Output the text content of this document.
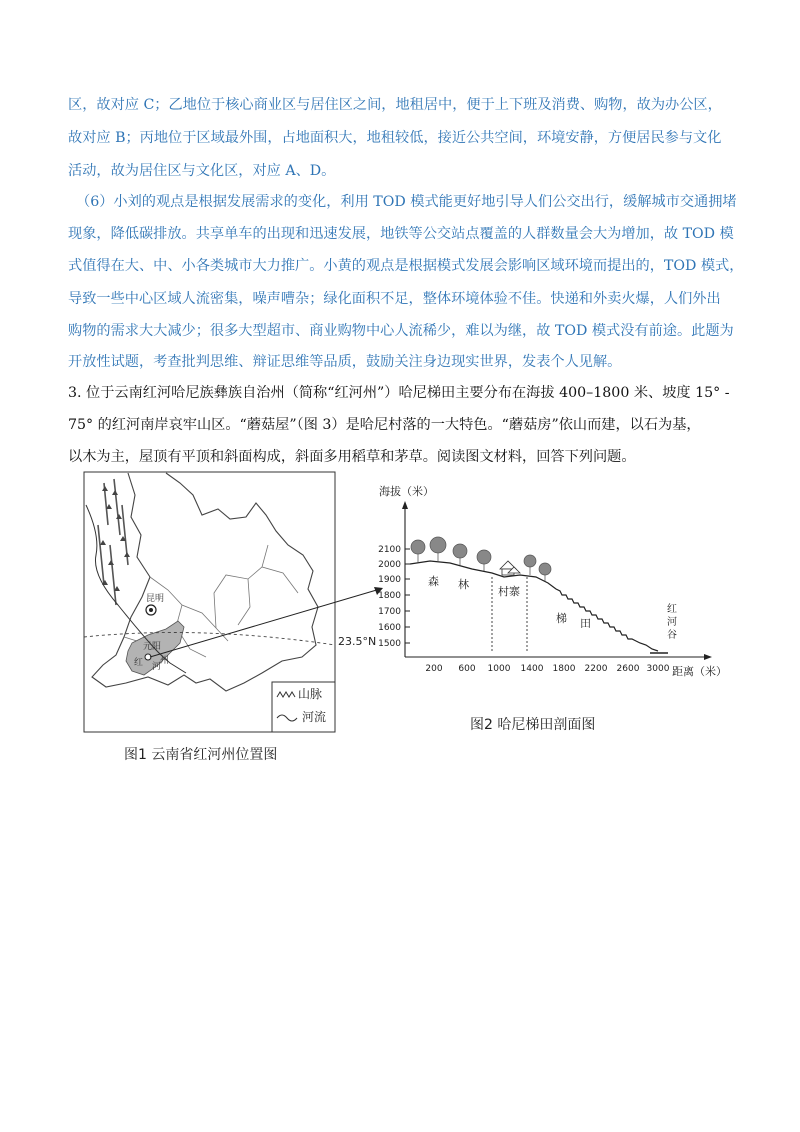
区，故对应 C；乙地位于核心商业区与居住区之间，地租居中，便于上下班及消费、购物，故为办公区，
故对应 B；丙地位于区域最外围，占地面积大，地租较低，接近公共空间，环境安静，方便居民参与文化
活动，故为居住区与文化区，对应 A、D。
（6）小刘的观点是根据发展需求的变化，利用 TOD 模式能更好地引导人们公交出行，缓解城市交通拥堵
现象，降低碳排放。共享单车的出现和迅速发展，地铁等公交站点覆盖的人群数量会大为增加，故 TOD 模
式值得在大、中、小各类城市大力推广。小黄的观点是根据模式发展会影响区域环境而提出的，TOD 模式，
导致一些中心区域人流密集，噪声嘈杂；绿化面积不足，整体环境体验不佳。快递和外卖火爆，人们外出
购物的需求大大减少；很多大型超市、商业购物中心人流稀少，难以为继，故 TOD 模式没有前途。此题为
开放性试题，考查批判思维、辩证思维等品质，鼓励关注身边现实世界，发表个人见解。
3. 位于云南红河哈尼族彝族自治州（简称“红河州”）哈尼梯田主要分布在海拔 400–1800 米、坡度 15° -
75° 的红河南岸哀牢山区。“蘑菇屋”（图 3）是哈尼村落的一大特色。“蘑菇房”依山而建，以石为基，
以木为主，屋顶有平顶和斜面构成，斜面多用稻草和茅草。阅读图文材料，回答下列问题。
昆明
元阳
红 河
州
23.5°N
山脉
河流
海拔（米）
距离（米）
2100
2000
1900
1800
1700
1600
1500
200 600 1000 1400 1800 2200 2600 3000
森 林
村寨
梯 田
红
河
谷
图1 云南省红河州位置图
图2 哈尼梯田剖面图
